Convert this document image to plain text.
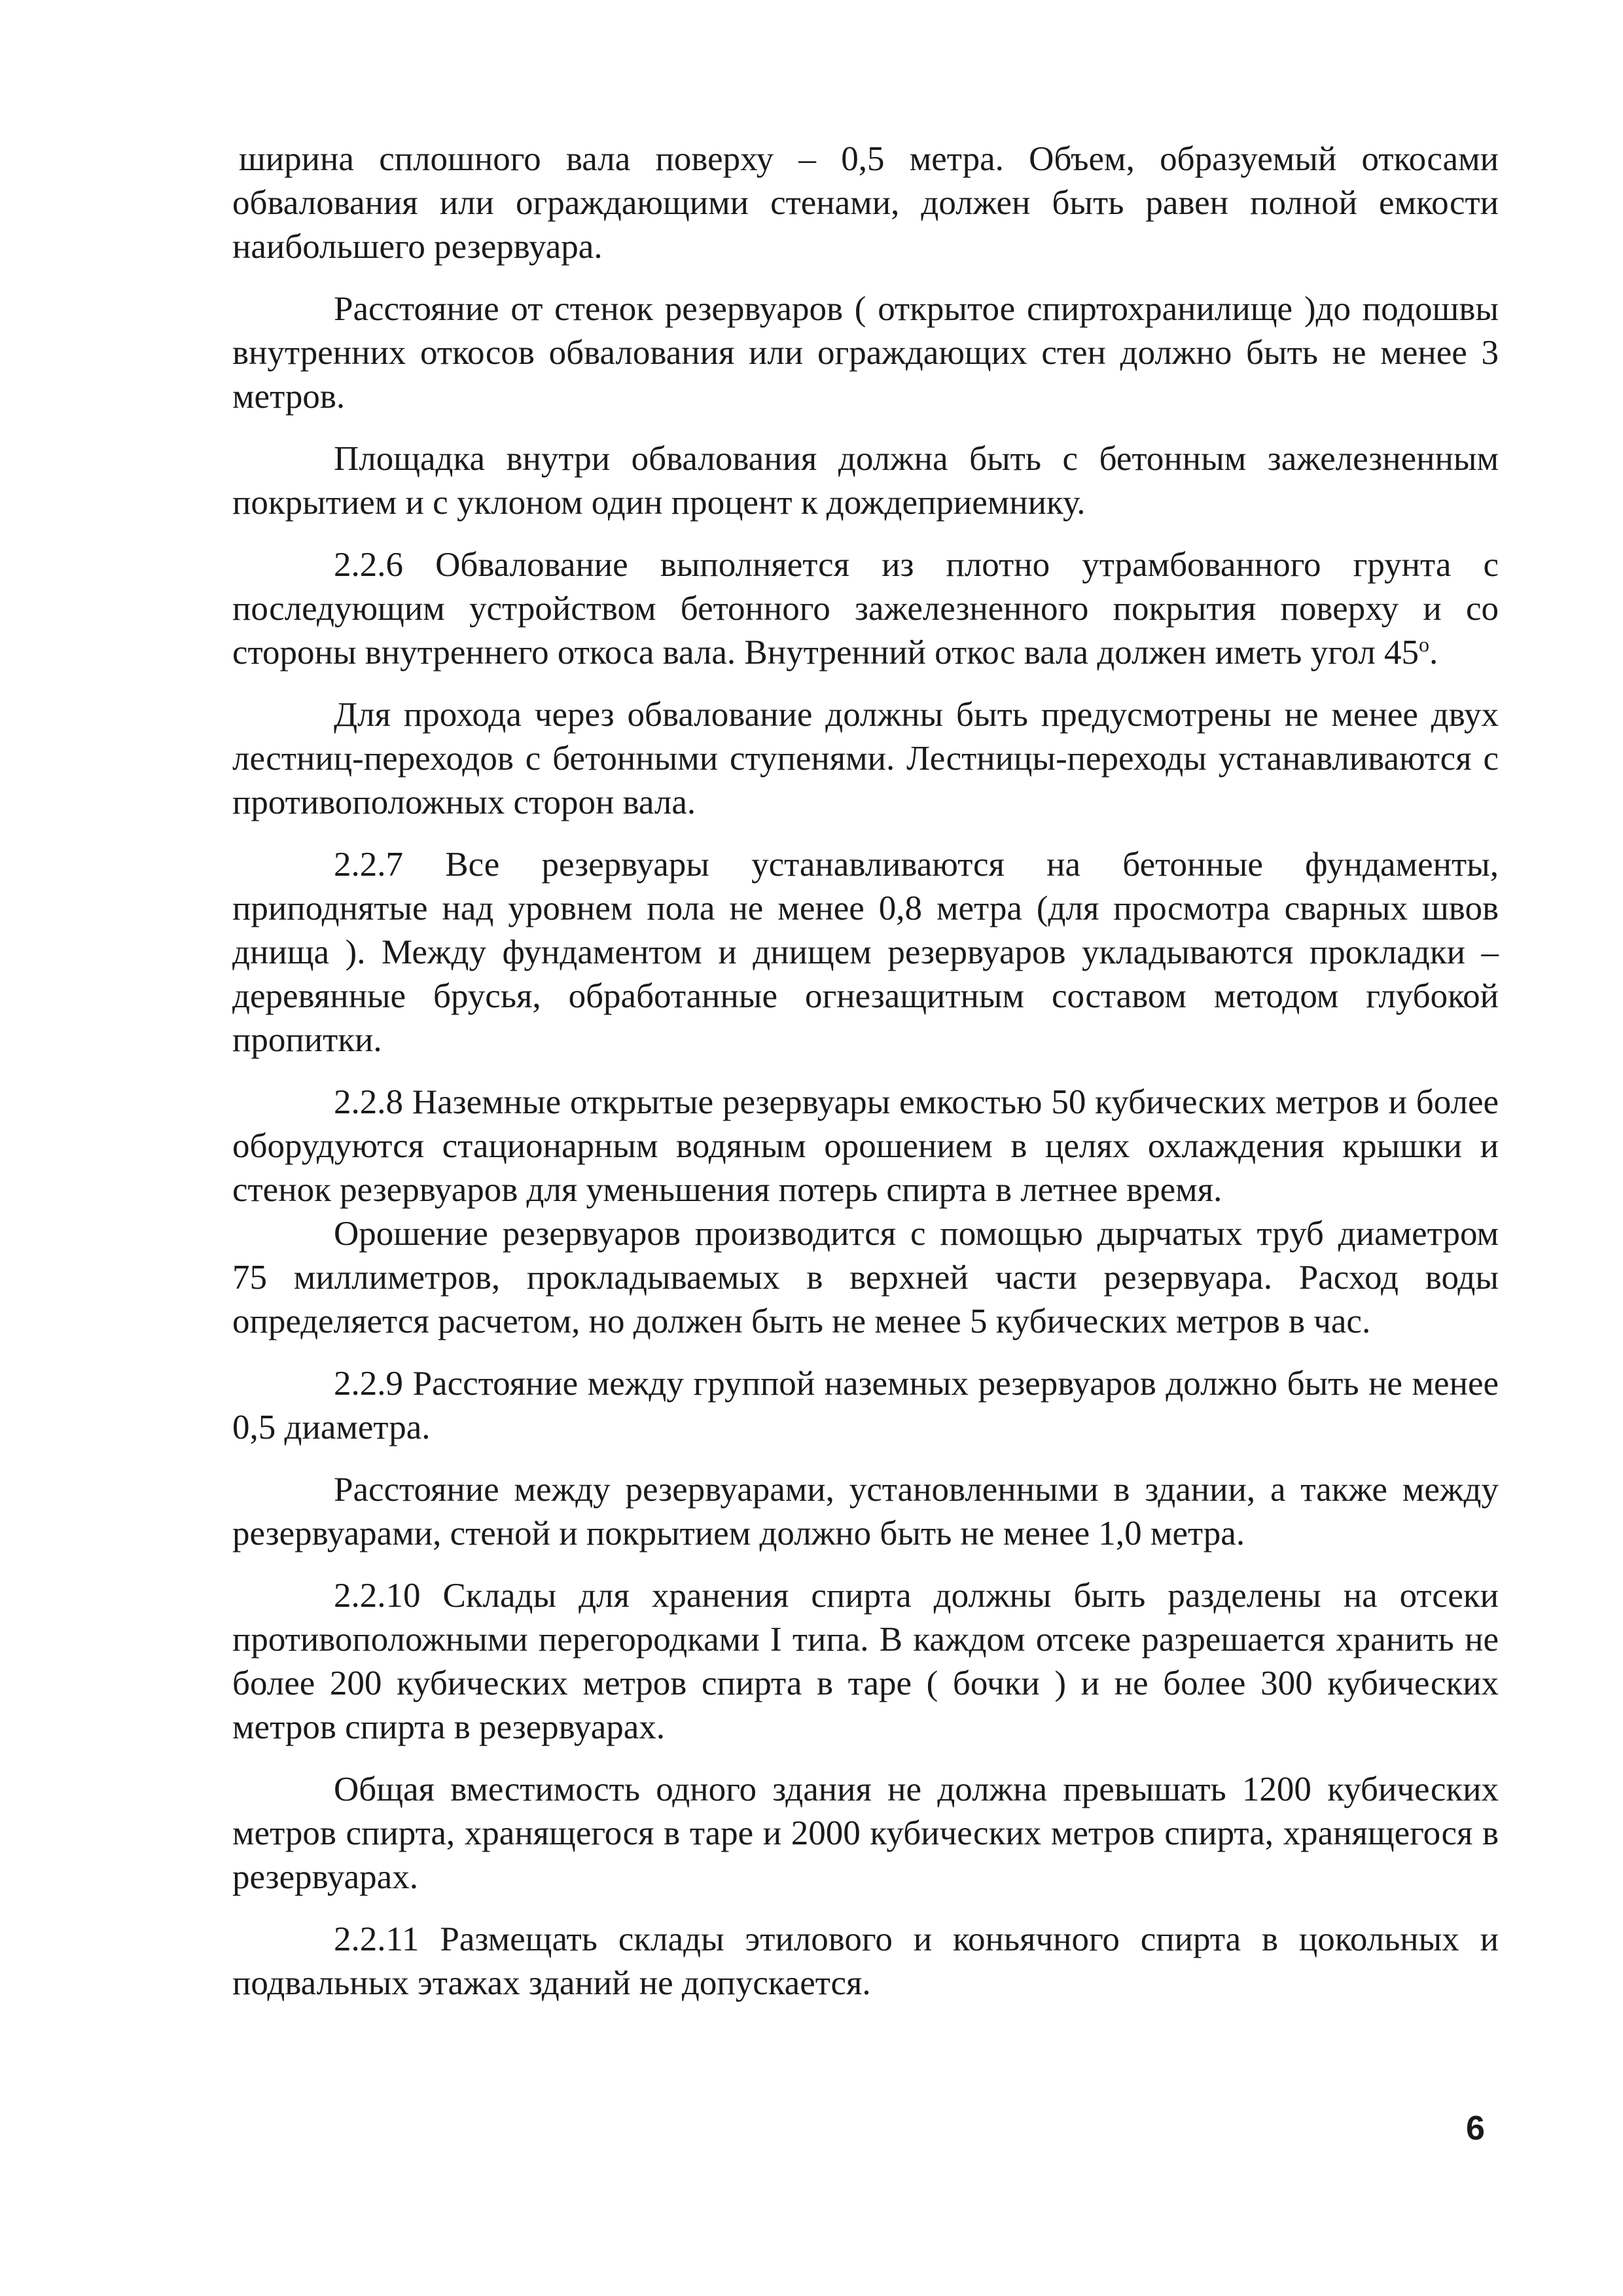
ширина сплошного вала поверху – 0,5 метра. Объем, образуемый откосами обвалования или ограждающими стенами, должен быть равен полной емкости наибольшего резервуара.

Расстояние от стенок резервуаров ( открытое спиртохранилище )до подошвы внутренних откосов обвалования или ограждающих стен должно быть не менее 3 метров.

Площадка внутри обвалования должна быть с бетонным зажелезненным покрытием и с уклоном один процент к дождеприемнику.

2.2.6 Обвалование выполняется из плотно утрамбованного грунта с последующим устройством бетонного зажелезненного покрытия поверху и со стороны внутреннего откоса вала. Внутренний откос вала должен иметь угол $45^о$.

Для прохода через обвалование должны быть предусмотрены не менее двух лестниц-переходов с бетонными ступенями. Лестницы-переходы устанавливаются с противоположных сторон вала.

2.2.7 Все резервуары устанавливаются на бетонные фундаменты, приподнятые над уровнем пола не менее 0,8 метра (для просмотра сварных швов днища ). Между фундаментом и днищем резервуаров укладываются прокладки – деревянные брусья, обработанные огнезащитным составом методом глубокой пропитки.

2.2.8 Наземные открытые резервуары емкостью 50 кубических метров и более оборудуются стационарным водяным орошением в целях охлаждения крышки и стенок резервуаров для уменьшения потерь спирта в летнее время.

Орошение резервуаров производится с помощью дырчатых труб диаметром 75 миллиметров, прокладываемых в верхней части резервуара. Расход воды определяется расчетом, но должен быть не менее 5 кубических метров в час.

2.2.9 Расстояние между группой наземных резервуаров должно быть не менее 0,5 диаметра.

Расстояние между резервуарами, установленными в здании, а также между резервуарами, стеной и покрытием должно быть не менее 1,0 метра.

2.2.10 Склады для хранения спирта должны быть разделены на отсеки противоположными перегородками I типа. В каждом отсеке разрешается хранить не более 200 кубических метров спирта в таре ( бочки ) и не более 300 кубических метров спирта в резервуарах.

Общая вместимость одного здания не должна превышать 1200 кубических метров спирта, хранящегося в таре и 2000 кубических метров спирта, хранящегося в резервуарах.

2.2.11 Размещать склады этилового и коньячного спирта в цокольных и подвальных этажах зданий не допускается.

6
